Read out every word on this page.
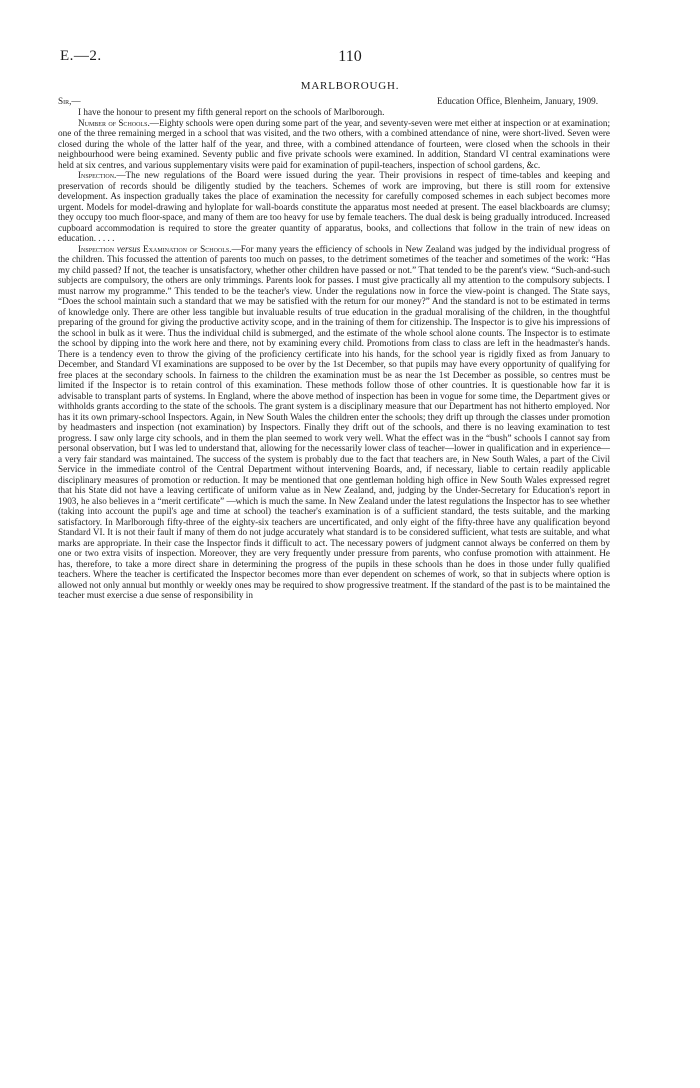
E.—2.	110
MARLBOROUGH.
Sir,—	Education Office, Blenheim, January, 1909.

I have the honour to present my fifth general report on the schools of Marlborough.

Number of Schools.—Eighty schools were open during some part of the year, and seventy-seven were met either at inspection or at examination; one of the three remaining merged in a school that was visited, and the two others, with a combined attendance of nine, were short-lived. Seven were closed during the whole of the latter half of the year, and three, with a combined attendance of fourteen, were closed when the schools in their neighbourhood were being examined. Seventy public and five private schools were examined. In addition, Standard VI central examinations were held at six centres, and various supplementary visits were paid for examination of pupil-teachers, inspection of school gardens, &c.

Inspection.—The new regulations of the Board were issued during the year. Their provisions in respect of time-tables and keeping and preservation of records should be diligently studied by the teachers. Schemes of work are improving, but there is still room for extensive development. As inspection gradually takes the place of examination the necessity for carefully composed schemes in each subject becomes more urgent. Models for model-drawing and hyloplate for wall-boards constitute the apparatus most needed at present. The easel blackboards are clumsy; they occupy too much floor-space, and many of them are too heavy for use by female teachers. The dual desk is being gradually introduced. Increased cupboard accommodation is required to store the greater quantity of apparatus, books, and collections that follow in the train of new ideas on education. . . . .

Inspection versus Examination of Schools.—For many years the efficiency of schools in New Zealand was judged by the individual progress of the children. This focussed the attention of parents too much on passes, to the detriment sometimes of the teacher and sometimes of the work: “Has my child passed? If not, the teacher is unsatisfactory, whether other children have passed or not.” That tended to be the parent's view. “Such-and-such subjects are compulsory, the others are only trimmings. Parents look for passes. I must give practically all my attention to the compulsory subjects. I must narrow my programme.” This tended to be the teacher's view. Under the regulations now in force the view-point is changed. The State says, “Does the school maintain such a standard that we may be satisfied with the return for our money?” And the standard is not to be estimated in terms of knowledge only. There are other less tangible but invaluable results of true education in the gradual moralising of the children, in the thoughtful preparing of the ground for giving the productive activity scope, and in the training of them for citizenship. The Inspector is to give his impressions of the school in bulk as it were. Thus the individual child is submerged, and the estimate of the whole school alone counts. The Inspector is to estimate the school by dipping into the work here and there, not by examining every child. Promotions from class to class are left in the headmaster's hands. There is a tendency even to throw the giving of the proficiency certificate into his hands, for the school year is rigidly fixed as from January to December, and Standard VI examinations are supposed to be over by the 1st December, so that pupils may have every opportunity of qualifying for free places at the secondary schools. In fairness to the children the examination must be as near the 1st December as possible, so centres must be limited if the Inspector is to retain control of this examination. These methods follow those of other countries. It is questionable how far it is advisable to transplant parts of systems. In England, where the above method of inspection has been in vogue for some time, the Department gives or withholds grants according to the state of the schools. The grant system is a disciplinary measure that our Department has not hitherto employed. Nor has it its own primary-school Inspectors. Again, in New South Wales the children enter the schools; they drift up through the classes under promotion by headmasters and inspection (not examination) by Inspectors. Finally they drift out of the schools, and there is no leaving examination to test progress. I saw only large city schools, and in them the plan seemed to work very well. What the effect was in the “bush” schools I cannot say from personal observation, but I was led to understand that, allowing for the necessarily lower class of teacher—lower in qualification and in experience—a very fair standard was maintained. The success of the system is probably due to the fact that teachers are, in New South Wales, a part of the Civil Service in the immediate control of the Central Department without intervening Boards, and, if necessary, liable to certain readily applicable disciplinary measures of promotion or reduction. It may be mentioned that one gentleman holding high office in New South Wales expressed regret that his State did not have a leaving certificate of uniform value as in New Zealand, and, judging by the Under-Secretary for Education's report in 1903, he also believes in a “merit certificate” —which is much the same. In New Zealand under the latest regulations the Inspector has to see whether (taking into account the pupil's age and time at school) the teacher's examination is of a sufficient standard, the tests suitable, and the marking satisfactory. In Marlborough fifty-three of the eighty-six teachers are uncertificated, and only eight of the fifty-three have any qualification beyond Standard VI. It is not their fault if many of them do not judge accurately what standard is to be considered sufficient, what tests are suitable, and what marks are appropriate. In their case the Inspector finds it difficult to act. The necessary powers of judgment cannot always be conferred on them by one or two extra visits of inspection. Moreover, they are very frequently under pressure from parents, who confuse promotion with attainment. He has, therefore, to take a more direct share in determining the progress of the pupils in these schools than he does in those under fully qualified teachers. Where the teacher is certificated the Inspector becomes more than ever dependent on schemes of work, so that in subjects where option is allowed not only annual but monthly or weekly ones may be required to show progressive treatment. If the standard of the past is to be maintained the teacher must exercise a due sense of responsibility in
